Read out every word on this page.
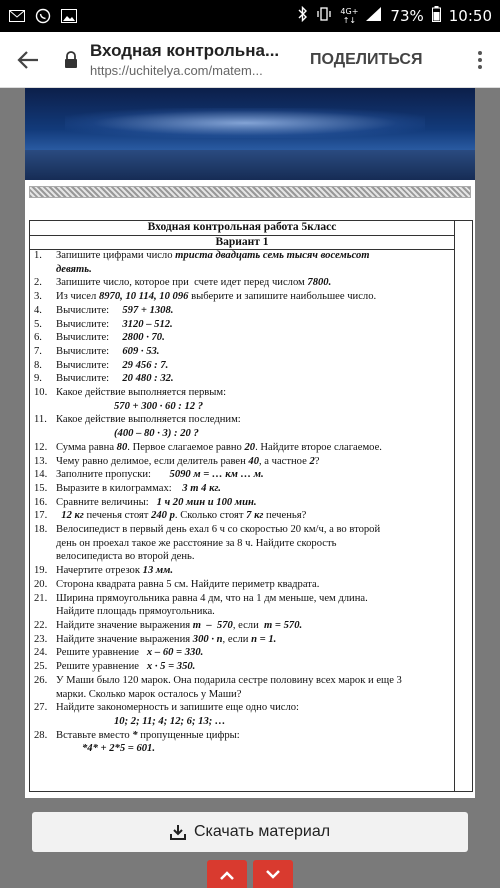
4G+
↑↓ 73% 10:50
Входная контрольна...
https://uchitelya.com/matem...
ПОДЕЛИТЬСЯ
Входная контрольная работа 5класс
Вариант 1
1.	Запишите цифрами число триста двадцать семь тысяч восемьсот
девять.
2.	Запишите число, которое при  счете идет перед числом 7800.
3.	Из чисел 8970, 10 114, 10 096 выберите и запишите наибольшее число.
4.	Вычислите:     597 + 1308.
5.	Вычислите:     3120 – 512.
6.	Вычислите:     2800 · 70.
7.	Вычислите:     609 · 53.
8.	Вычислите:     29 456 : 7.
9.	Вычислите:     20 480 : 32.
10. Какое действие выполняется первым:
570 + 300 · 60 : 12 ?
11. Какое действие выполняется последним:
(400 – 80 · 3) : 20 ?
12. Сумма равна 80. Первое слагаемое равно 20. Найдите второе слагаемое.
13. Чему равно делимое, если делитель равен 40, а частное 2?
14. Заполните пропуски:       5090 м = … км … м.
15. Выразите в килограммах:    3 т 4 кг.
16. Сравните величины:   1 ч 20 мин и 100 мин.
17. 12 кг печенья стоят 240 р. Сколько стоят 7 кг печенья?
18. Велосипедист в первый день ехал 6 ч со скоростью 20 км/ч, а во второй
день он проехал такое же расстояние за 8 ч. Найдите скорость
велосипедиста во второй день.
19. Начертите отрезок 13 мм.
20. Сторона квадрата равна 5 см. Найдите периметр квадрата.
21. Ширина прямоугольника равна 4 дм, что на 1 дм меньше, чем длина.
Найдите площадь прямоугольника.
22. Найдите значение выражения m  –  570, если  m = 570.
23. Найдите значение выражения 300 · n, если n = 1.
24. Решите уравнение   x – 60 = 330.
25. Решите уравнение   x · 5 = 350.
26. У Маши было 120 марок. Она подарила сестре половину всех марок и еще 3
марки. Сколько марок осталось у Маши?
27. Найдите закономерность и запишите еще одно число:
10; 2; 11; 4; 12; 6; 13; …
28. Вставьте вместо * пропущенные цифры:
*4* + 2*5 = 601.
Скачать материал
